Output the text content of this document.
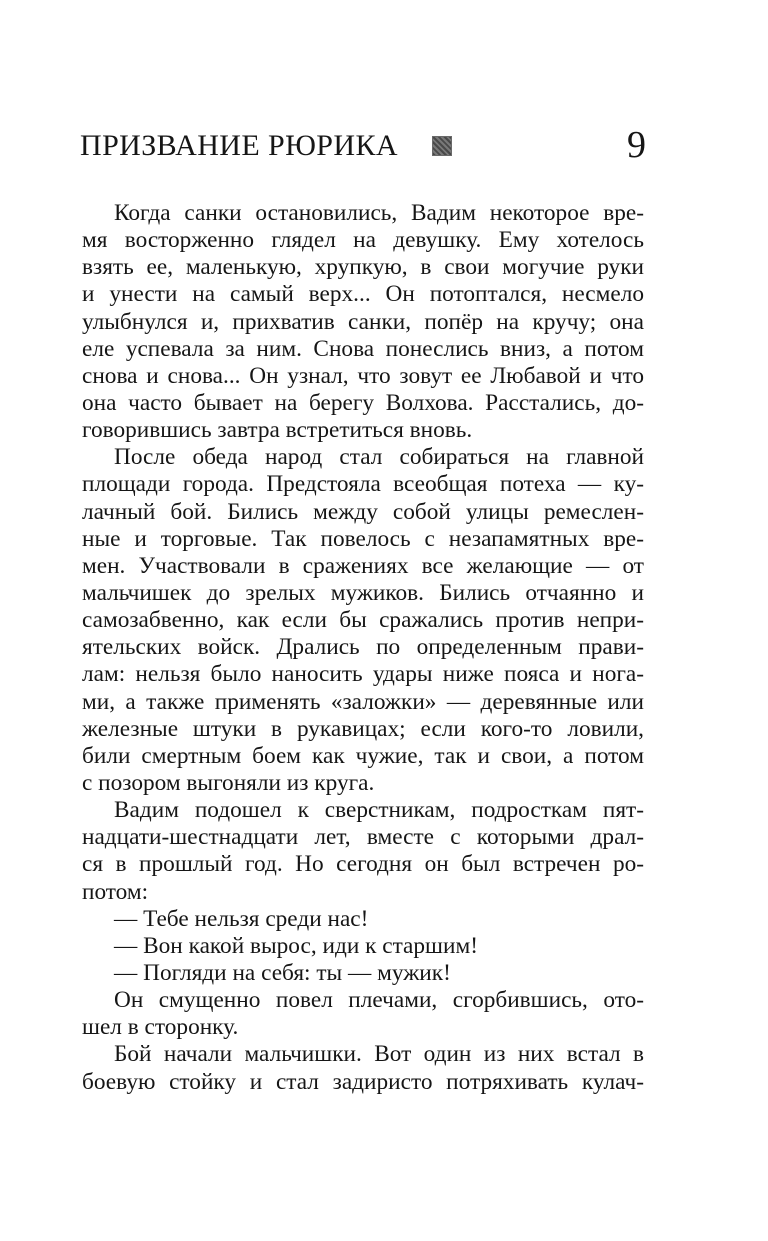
ПРИЗВАНИЕ РЮРИКА	9
Когда санки остановились, Вадим некоторое вре-
мя восторженно глядел на девушку. Ему хотелось
взять ее, маленькую, хрупкую, в свои могучие руки
и унести на самый верх... Он потоптался, несмело
улыбнулся и, прихватив санки, попёр на кручу; она
еле успевала за ним. Снова понеслись вниз, а потом
снова и снова... Он узнал, что зовут ее Любавой и что
она часто бывает на берегу Волхова. Расстались, до-
говорившись завтра встретиться вновь.
После обеда народ стал собираться на главной
площади города. Предстояла всеобщая потеха — ку-
лачный бой. Бились между собой улицы ремеслен-
ные и торговые. Так повелось с незапамятных вре-
мен. Участвовали в сражениях все желающие — от
мальчишек до зрелых мужиков. Бились отчаянно и
самозабвенно, как если бы сражались против непри-
ятельских войск. Дрались по определенным прави-
лам: нельзя было наносить удары ниже пояса и нога-
ми, а также применять «заложки» — деревянные или
железные штуки в рукавицах; если кого-то ловили,
били смертным боем как чужие, так и свои, а потом
с позором выгоняли из круга.
Вадим подошел к сверстникам, подросткам пят-
надцати-шестнадцати лет, вместе с которыми драл-
ся в прошлый год. Но сегодня он был встречен ро-
потом:
— Тебе нельзя среди нас!
— Вон какой вырос, иди к старшим!
— Погляди на себя: ты — мужик!
Он смущенно повел плечами, сгорбившись, ото-
шел в сторонку.
Бой начали мальчишки. Вот один из них встал в
боевую стойку и стал задиристо потряхивать кулач-
